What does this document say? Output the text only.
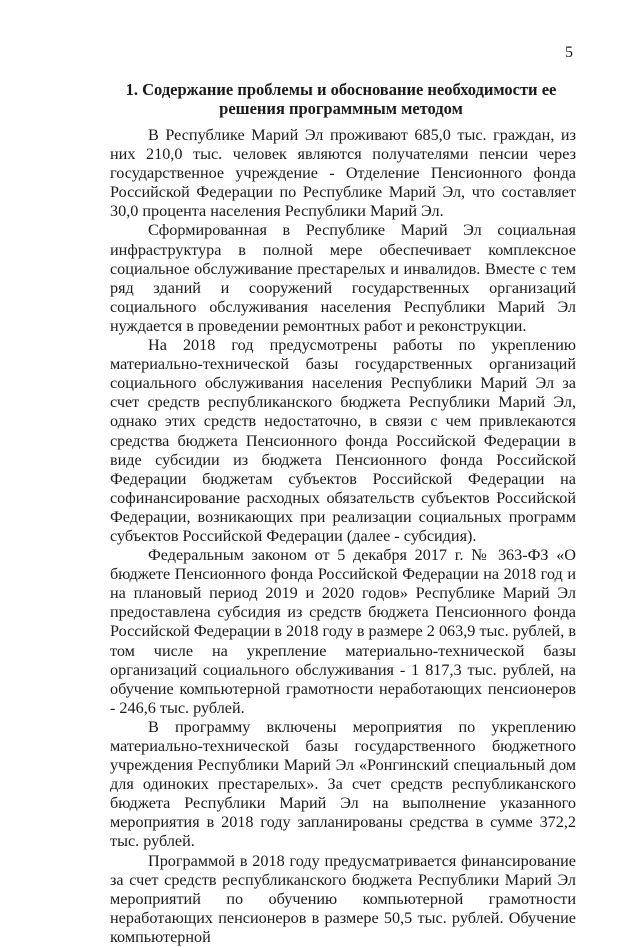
5
1. Содержание проблемы и обоснование необходимости ее решения программным методом

В Республике Марий Эл проживают 685,0 тыс. граждан, из них 210,0 тыс. человек являются получателями пенсии через государственное учреждение - Отделение Пенсионного фонда Российской Федерации по Республике Марий Эл, что составляет 30,0 процента населения Республики Марий Эл.

Сформированная в Республике Марий Эл социальная инфраструктура в полной мере обеспечивает комплексное социальное обслуживание престарелых и инвалидов. Вместе с тем ряд зданий и сооружений государственных организаций социального обслуживания населения Республики Марий Эл нуждается в проведении ремонтных работ и реконструкции.

На 2018 год предусмотрены работы по укреплению материально-технической базы государственных организаций социального обслуживания населения Республики Марий Эл за счет средств республиканского бюджета Республики Марий Эл, однако этих средств недостаточно, в связи с чем привлекаются средства бюджета Пенсионного фонда Российской Федерации в виде субсидии из бюджета Пенсионного фонда Российской Федерации бюджетам субъектов Российской Федерации на софинансирование расходных обязательств субъектов Российской Федерации, возникающих при реализации социальных программ субъектов Российской Федерации (далее - субсидия).

Федеральным законом от 5 декабря 2017 г. № 363-ФЗ «О бюджете Пенсионного фонда Российской Федерации на 2018 год и на плановый период 2019 и 2020 годов» Республике Марий Эл предоставлена субсидия из средств бюджета Пенсионного фонда Российской Федерации в 2018 году в размере 2 063,9 тыс. рублей, в том числе на укрепление материально-технической базы организаций социального обслуживания - 1 817,3 тыс. рублей, на обучение компьютерной грамотности неработающих пенсионеров - 246,6 тыс. рублей.

В программу включены мероприятия по укреплению материально-технической базы государственного бюджетного учреждения Республики Марий Эл «Ронгинский специальный дом для одиноких престарелых». За счет средств республиканского бюджета Республики Марий Эл на выполнение указанного мероприятия в 2018 году запланированы средства в сумме 372,2 тыс. рублей.

Программой в 2018 году предусматривается финансирование за счет средств республиканского бюджета Республики Марий Эл мероприятий по обучению компьютерной грамотности неработающих пенсионеров в размере 50,5 тыс. рублей. Обучение компьютерной
